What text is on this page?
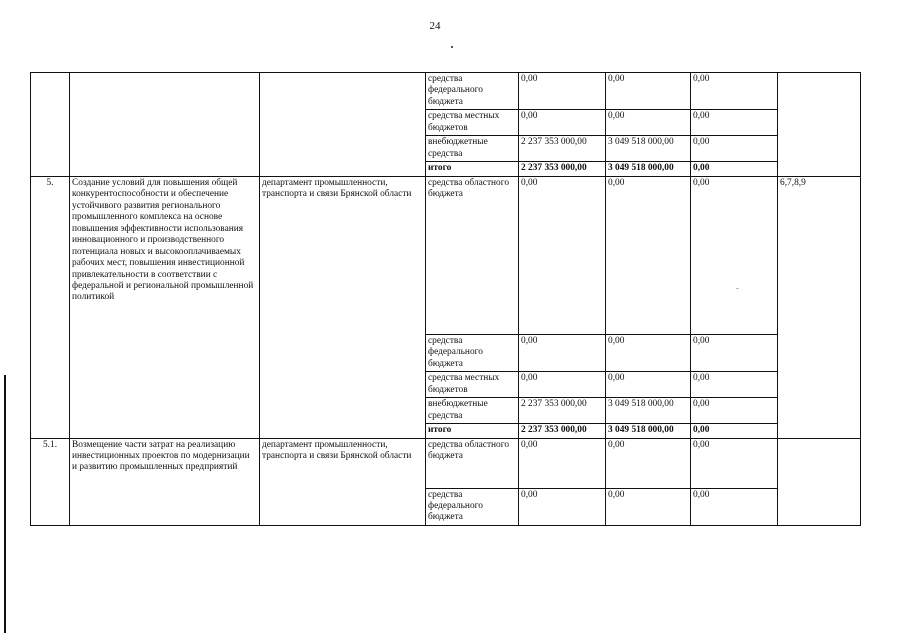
24
			средства федерального бюджета	0,00	0,00	0,00	
			средства местных бюджетов	0,00	0,00	0,00	
			внебюджетные средства	2 237 353 000,00	3 049 518 000,00	0,00	
			итого	2 237 353 000,00	3 049 518 000,00	0,00	
5.	Создание условий для повышения общей конкурентоспособности и обеспечение устойчивого развития регионального промышленного комплекса на основе повышения эффективности использования инновационного и производственного потенциала новых и высокооплачиваемых рабочих мест, повышения инвестиционной привлекательности в соответствии с федеральной и региональной промышленной политикой	департамент промышленности, транспорта и связи Брянской области	средства областного бюджета	0,00	0,00	0,00	6,7,8,9
			средства федерального бюджета	0,00	0,00	0,00	
			средства местных бюджетов	0,00	0,00	0,00	
			внебюджетные средства	2 237 353 000,00	3 049 518 000,00	0,00	
			итого	2 237 353 000,00	3 049 518 000,00	0,00	
5.1.	Возмещение части затрат на реализацию инвестиционных проектов по модернизации и развитию промышленных предприятий	департамент промышленности, транспорта и связи Брянской области	средства областного бюджета	0,00	0,00	0,00	
			средства федерального бюджета	0,00	0,00	0,00	
